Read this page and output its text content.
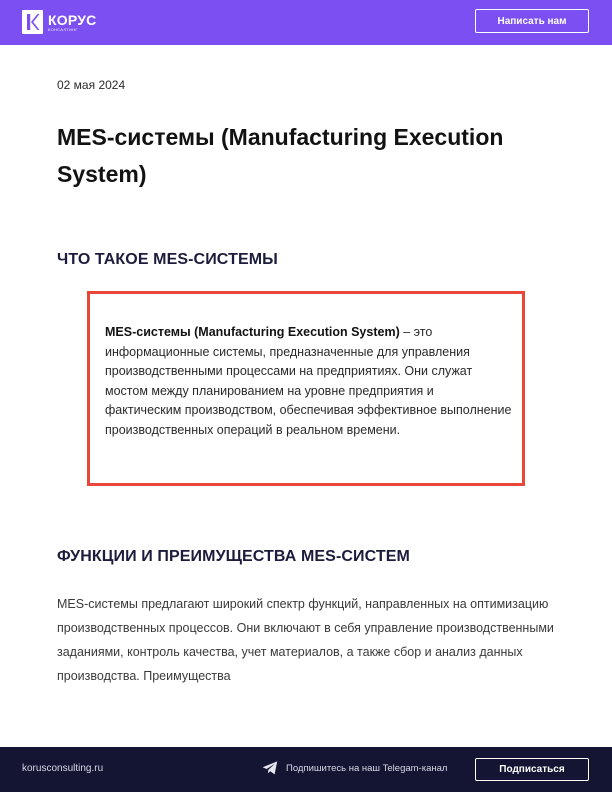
КОРУС
КОНСАЛТИНГ
Написать нам
02 мая 2024
MES-системы (Manufacturing Execution System)
ЧТО ТАКОЕ MES-СИСТЕМЫ

MES-системы (Manufacturing Execution System) – это информационные системы, предназначенные для управления производственными процессами на предприятиях. Они служат мостом между планированием на уровне предприятия и фактическим производством, обеспечивая эффективное выполнение производственных операций в реальном времени.

ФУНКЦИИ И ПРЕИМУЩЕСТВА MES-СИСТЕМ

MES-системы предлагают широкий спектр функций, направленных на оптимизацию производственных процессов. Они включают в себя управление производственными заданиями, контроль качества, учет материалов, а также сбор и анализ данных производства. Преимущества

korusconsulting.ru	Подпишитесь на наш Telegam-канал	Подписаться
